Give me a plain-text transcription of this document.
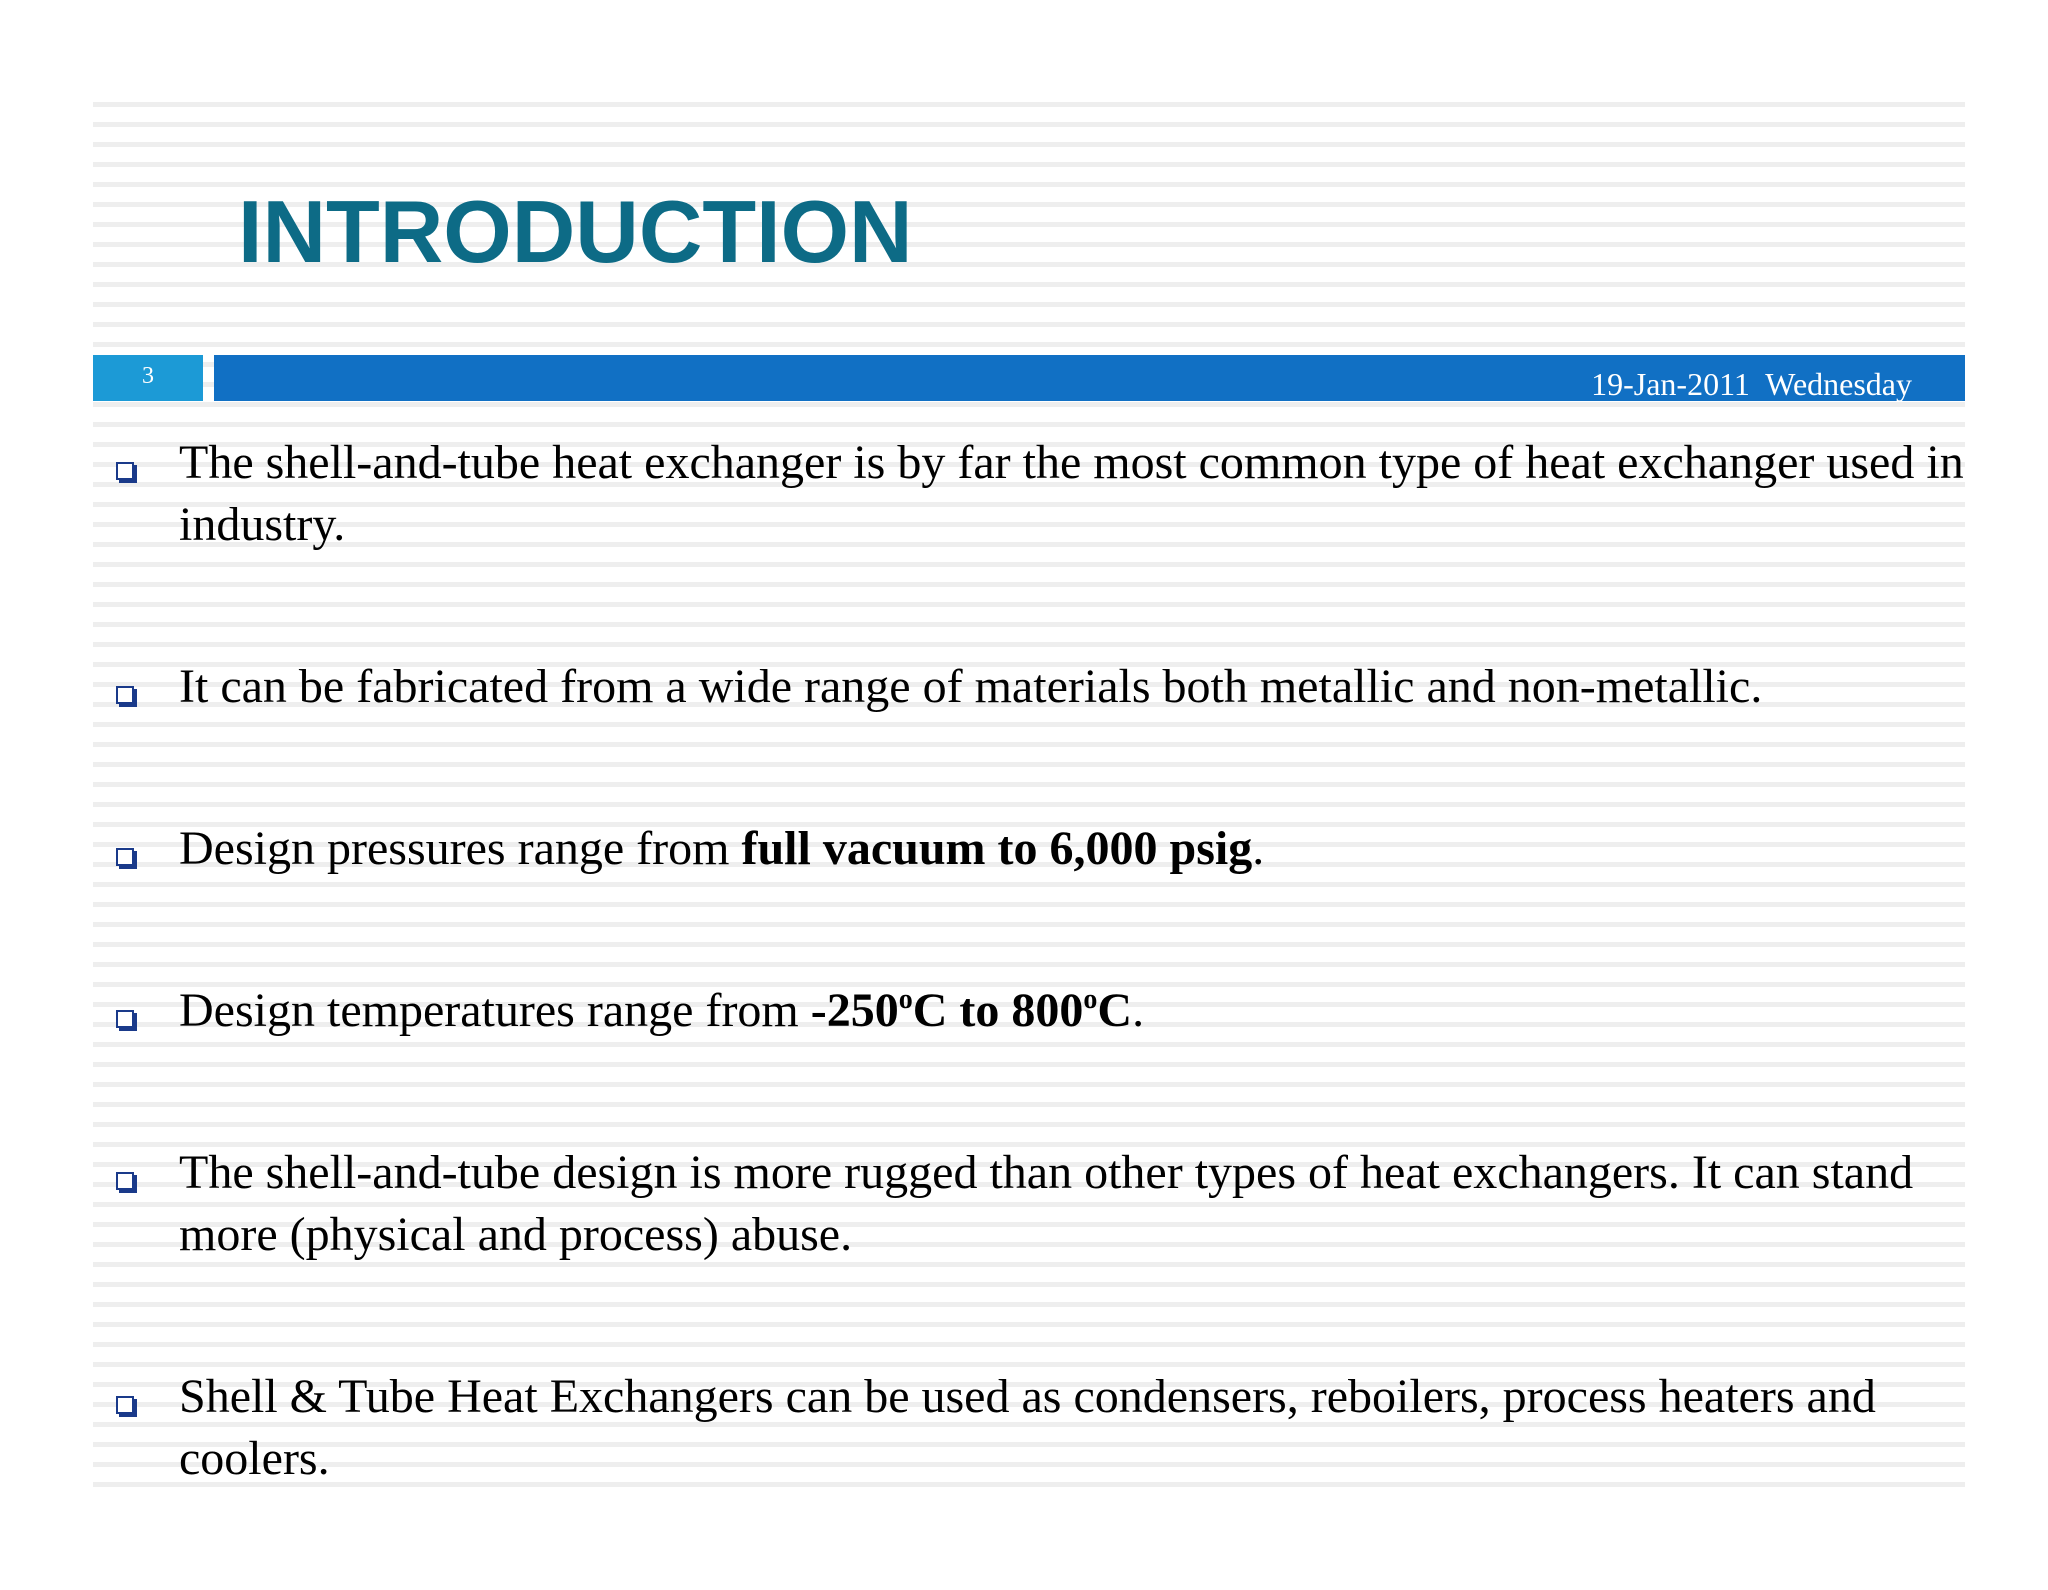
INTRODUCTION
3	19-Jan-2011  Wednesday
The shell-and-tube heat exchanger is by far the most common type of heat exchanger used in industry.
It can be fabricated from a wide range of materials both metallic and non-metallic.
Design pressures range from full vacuum to 6,000 psig.
Design temperatures range from -250$^o$C to 800$^o$C.
The shell-and-tube design is more rugged than other types of heat exchangers. It can stand more (physical and process) abuse.
Shell & Tube Heat Exchangers can be used as condensers, reboilers, process heaters and coolers.
